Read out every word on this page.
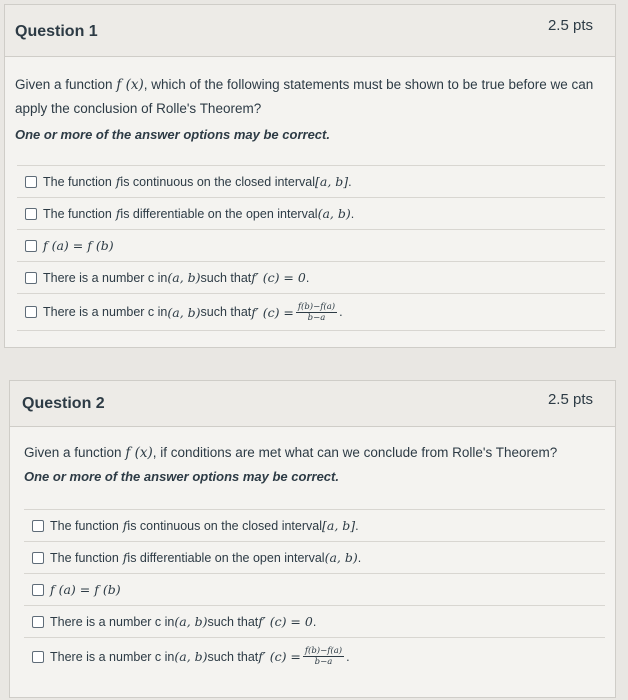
Question 1	2.5 pts
Given a function f (x), which of the following statements must be shown to be true before we can
apply the conclusion of Rolle's Theorem?
One or more of the answer options may be correct.
The function
f is continuous on the closed interval [a, b] .
The function
f is differentiable on the open interval (a, b) .
f (a) = f (b)
There is a number c in (a, b) such that f′ (c) = 0 .
There is a number c in (a, b) such that f′ $(c) = \frac{f(b)-f(a)}{b-a}$ .
Question 2	2.5 pts
Given a function f (x), if conditions are met what can we conclude from Rolle's Theorem?
One or more of the answer options may be correct.
The function
f is continuous on the closed interval [a, b] .
The function
f is differentiable on the open interval (a, b) .
f (a) = f (b)
There is a number c in (a, b) such that f′ (c) = 0 .
There is a number c in (a, b) such that f′ $(c) = \frac{f(b)-f(a)}{b-a}$ .
